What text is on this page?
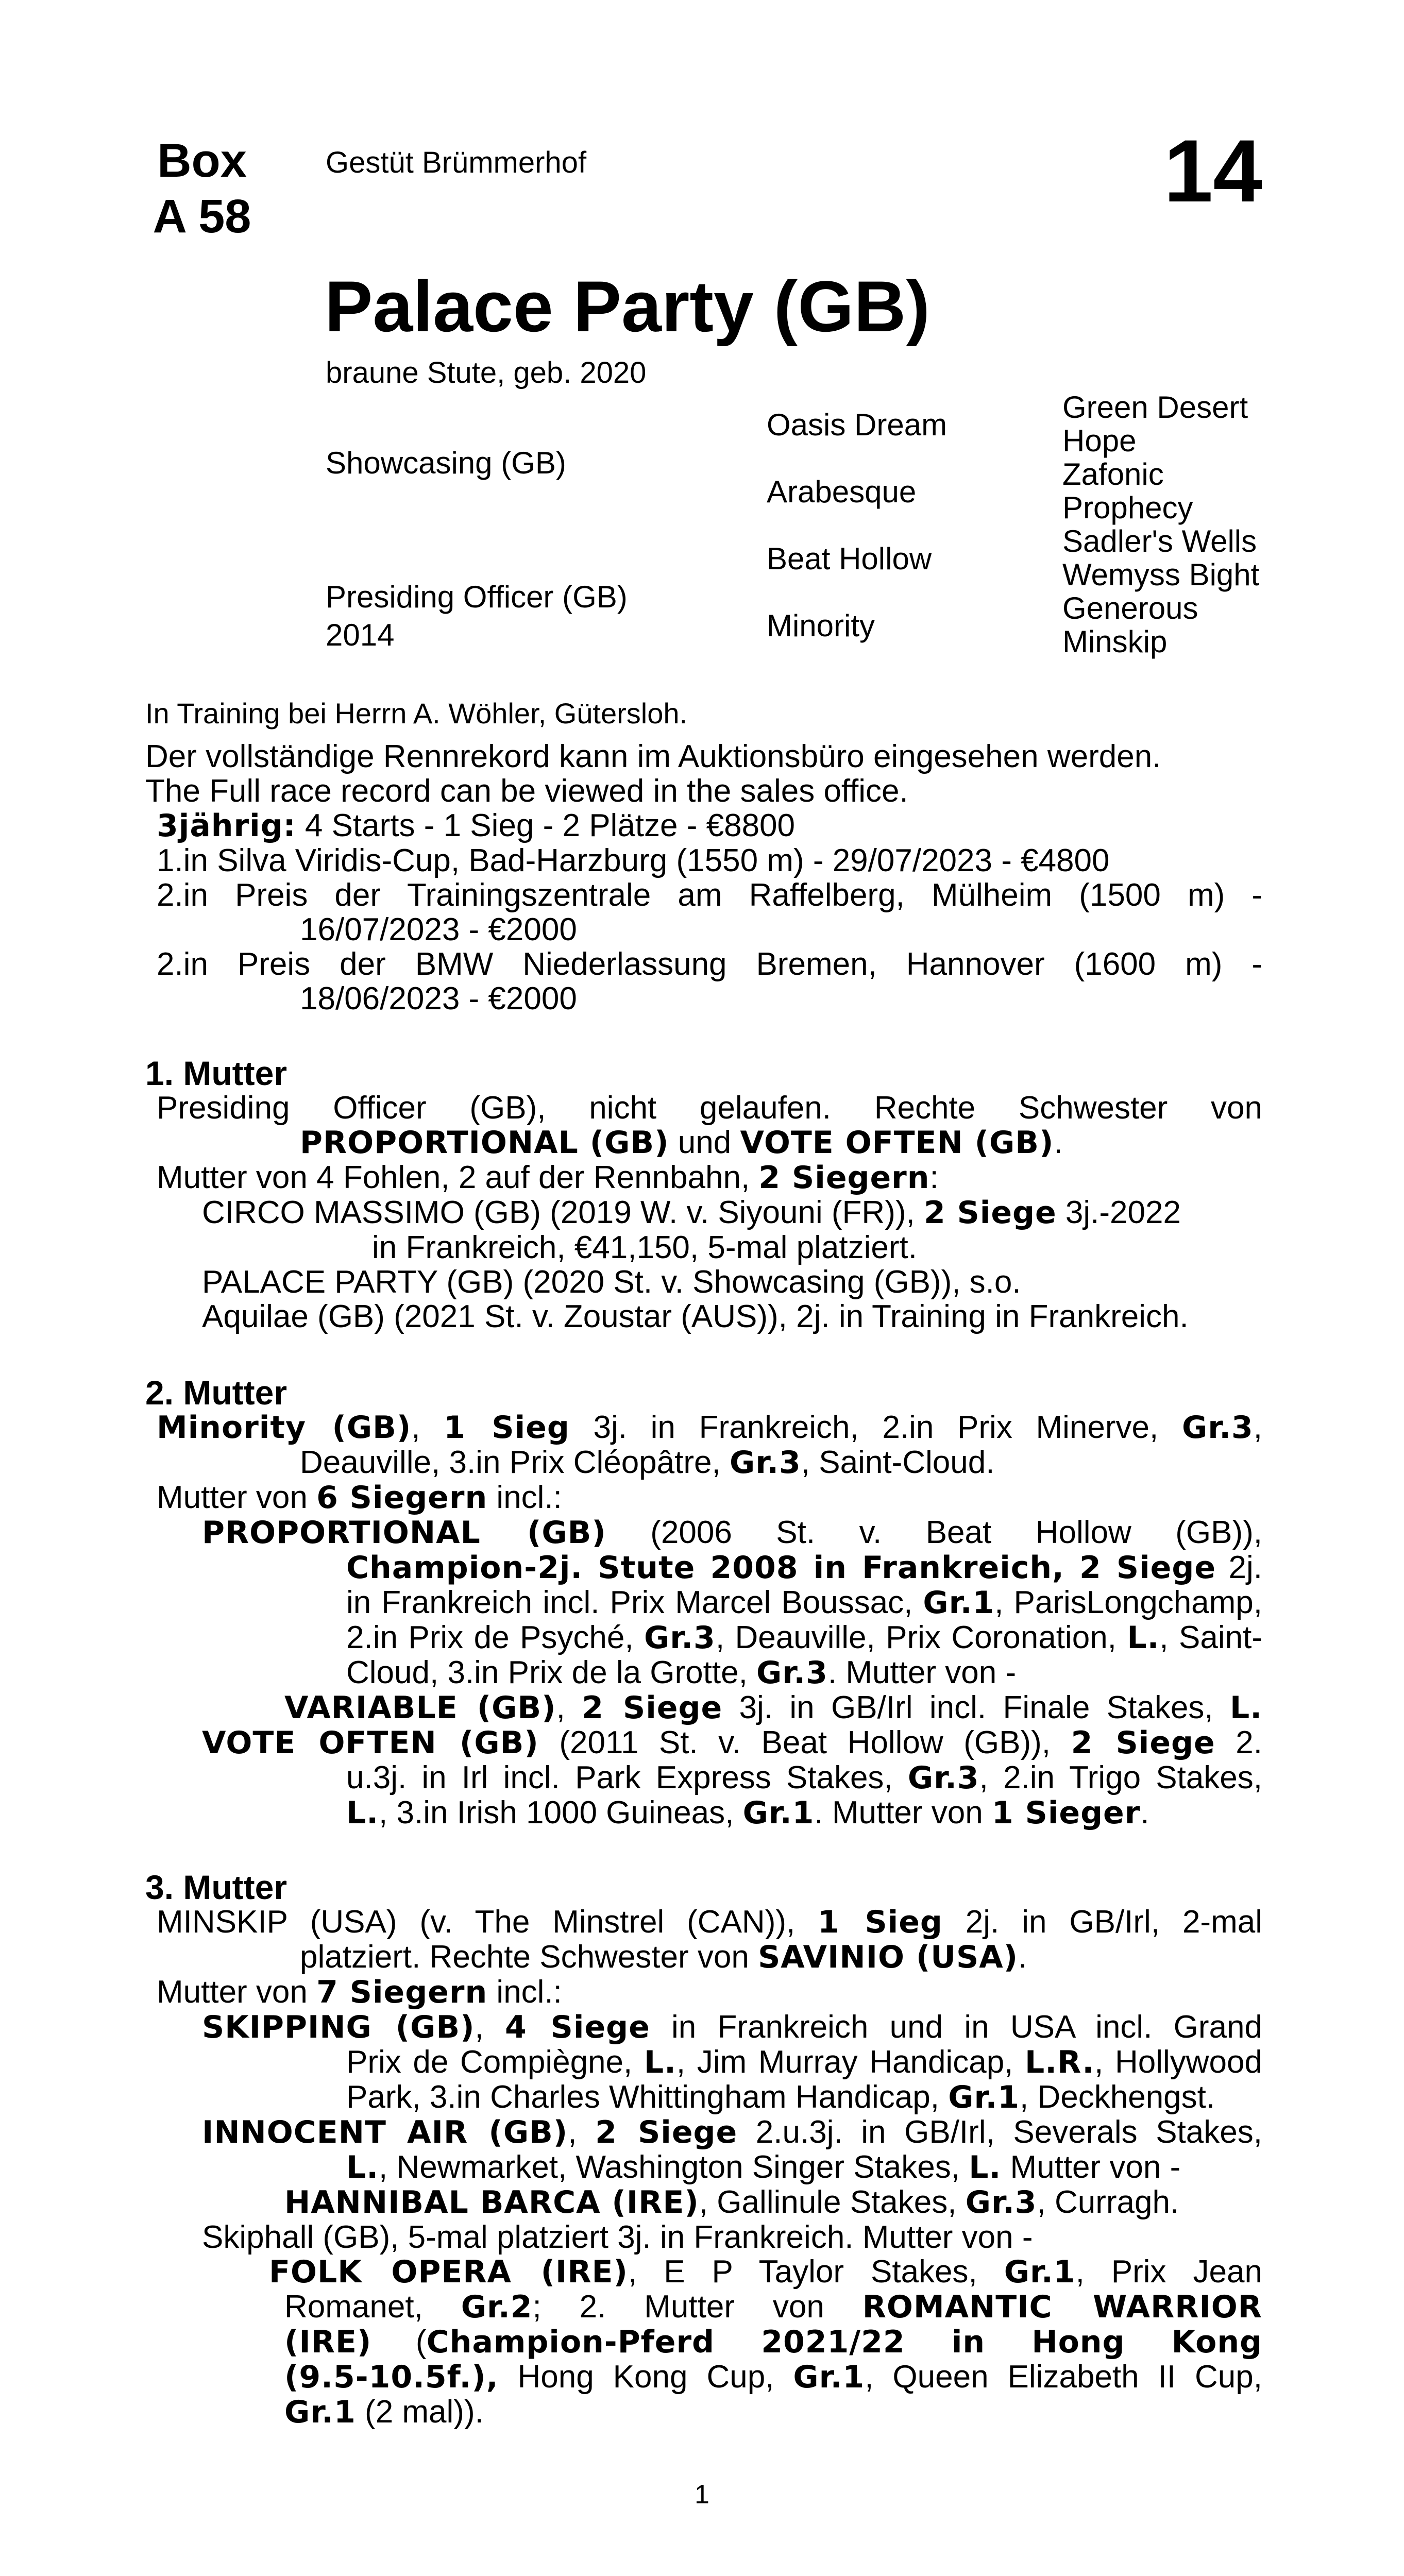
Box
A 58
Gestüt Brümmerhof	14
Palace Party (GB)
braune Stute, geb. 2020
Showcasing (GB)
Presiding Officer (GB)
2014
Oasis Dream
Arabesque
Beat Hollow
Minority
Green Desert
Hope
Zafonic
Prophecy
Sadler's Wells
Wemyss Bight
Generous
Minskip
In Training bei Herrn A. Wöhler, Gütersloh.
Der vollständige Rennrekord kann im Auktionsbüro eingesehen werden.
The Full race record can be viewed in the sales office.
3jährig: 4 Starts - 1 Sieg - 2 Plätze - €8800
1.in Silva Viridis-Cup, Bad-Harzburg (1550 m) - 29/07/2023 - €4800
2.in Preis der Trainingszentrale am Raffelberg, Mülheim (1500 m) -
16/07/2023 - €2000
2.in Preis der BMW Niederlassung Bremen, Hannover (1600 m) -
18/06/2023 - €2000
1. Mutter
Presiding Officer (GB), nicht gelaufen. Rechte Schwester von
PROPORTIONAL (GB) und VOTE OFTEN (GB).
Mutter von 4 Fohlen, 2 auf der Rennbahn, 2 Siegern:
CIRCO MASSIMO (GB) (2019 W. v. Siyouni (FR)), 2 Siege 3j.-2022
in Frankreich, €41,150, 5-mal platziert.
PALACE PARTY (GB) (2020 St. v. Showcasing (GB)), s.o.
Aquilae (GB) (2021 St. v. Zoustar (AUS)), 2j. in Training in Frankreich.
2. Mutter
Minority (GB), 1 Sieg 3j. in Frankreich, 2.in Prix Minerve, Gr.3,
Deauville, 3.in Prix Cléopâtre, Gr.3, Saint-Cloud.
Mutter von 6 Siegern incl.:
PROPORTIONAL (GB) (2006 St. v. Beat Hollow (GB)),
Champion-2j. Stute 2008 in Frankreich, 2 Siege 2j.
in Frankreich incl. Prix Marcel Boussac, Gr.1, ParisLongchamp,
2.in Prix de Psyché, Gr.3, Deauville, Prix Coronation, L., Saint-
Cloud, 3.in Prix de la Grotte, Gr.3. Mutter von -
VARIABLE (GB), 2 Siege 3j. in GB/Irl incl. Finale Stakes, L.
VOTE OFTEN (GB) (2011 St. v. Beat Hollow (GB)), 2 Siege 2.
u.3j. in Irl incl. Park Express Stakes, Gr.3, 2.in Trigo Stakes,
L., 3.in Irish 1000 Guineas, Gr.1. Mutter von 1 Sieger.
3. Mutter
MINSKIP (USA) (v. The Minstrel (CAN)), 1 Sieg 2j. in GB/Irl, 2-mal
platziert. Rechte Schwester von SAVINIO (USA).
Mutter von 7 Siegern incl.:
SKIPPING (GB), 4 Siege in Frankreich und in USA incl. Grand
Prix de Compiègne, L., Jim Murray Handicap, L.R., Hollywood
Park, 3.in Charles Whittingham Handicap, Gr.1, Deckhengst.
INNOCENT AIR (GB), 2 Siege 2.u.3j. in GB/Irl, Severals Stakes,
L., Newmarket, Washington Singer Stakes, L. Mutter von -
HANNIBAL BARCA (IRE), Gallinule Stakes, Gr.3, Curragh.
Skiphall (GB), 5-mal platziert 3j. in Frankreich. Mutter von -
FOLK OPERA (IRE), E P Taylor Stakes, Gr.1, Prix Jean
Romanet, Gr.2; 2. Mutter von ROMANTIC WARRIOR
(IRE) (Champion-Pferd 2021/22 in Hong Kong
(9.5-10.5f.), Hong Kong Cup, Gr.1, Queen Elizabeth II Cup,
Gr.1 (2 mal)).
1
